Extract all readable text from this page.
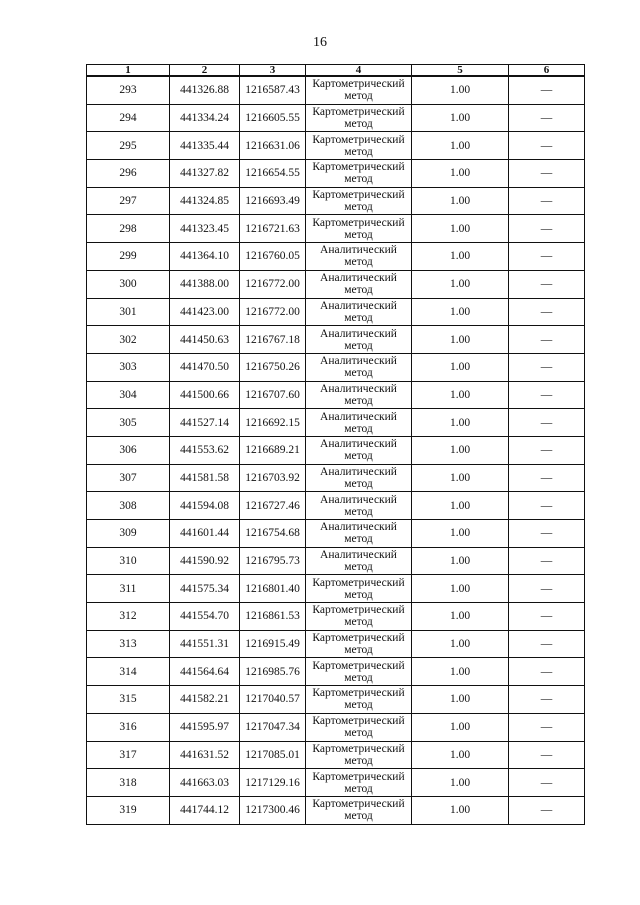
16
1	2	3	4	5	6
293	441326.88	1216587.43	Картометрический метод	1.00	—
294	441334.24	1216605.55	Картометрический метод	1.00	—
295	441335.44	1216631.06	Картометрический метод	1.00	—
296	441327.82	1216654.55	Картометрический метод	1.00	—
297	441324.85	1216693.49	Картометрический метод	1.00	—
298	441323.45	1216721.63	Картометрический метод	1.00	—
299	441364.10	1216760.05	Аналитический метод	1.00	—
300	441388.00	1216772.00	Аналитический метод	1.00	—
301	441423.00	1216772.00	Аналитический метод	1.00	—
302	441450.63	1216767.18	Аналитический метод	1.00	—
303	441470.50	1216750.26	Аналитический метод	1.00	—
304	441500.66	1216707.60	Аналитический метод	1.00	—
305	441527.14	1216692.15	Аналитический метод	1.00	—
306	441553.62	1216689.21	Аналитический метод	1.00	—
307	441581.58	1216703.92	Аналитический метод	1.00	—
308	441594.08	1216727.46	Аналитический метод	1.00	—
309	441601.44	1216754.68	Аналитический метод	1.00	—
310	441590.92	1216795.73	Аналитический метод	1.00	—
311	441575.34	1216801.40	Картометрический метод	1.00	—
312	441554.70	1216861.53	Картометрический метод	1.00	—
313	441551.31	1216915.49	Картометрический метод	1.00	—
314	441564.64	1216985.76	Картометрический метод	1.00	—
315	441582.21	1217040.57	Картометрический метод	1.00	—
316	441595.97	1217047.34	Картометрический метод	1.00	—
317	441631.52	1217085.01	Картометрический метод	1.00	—
318	441663.03	1217129.16	Картометрический метод	1.00	—
319	441744.12	1217300.46	Картометрический метод	1.00	—
